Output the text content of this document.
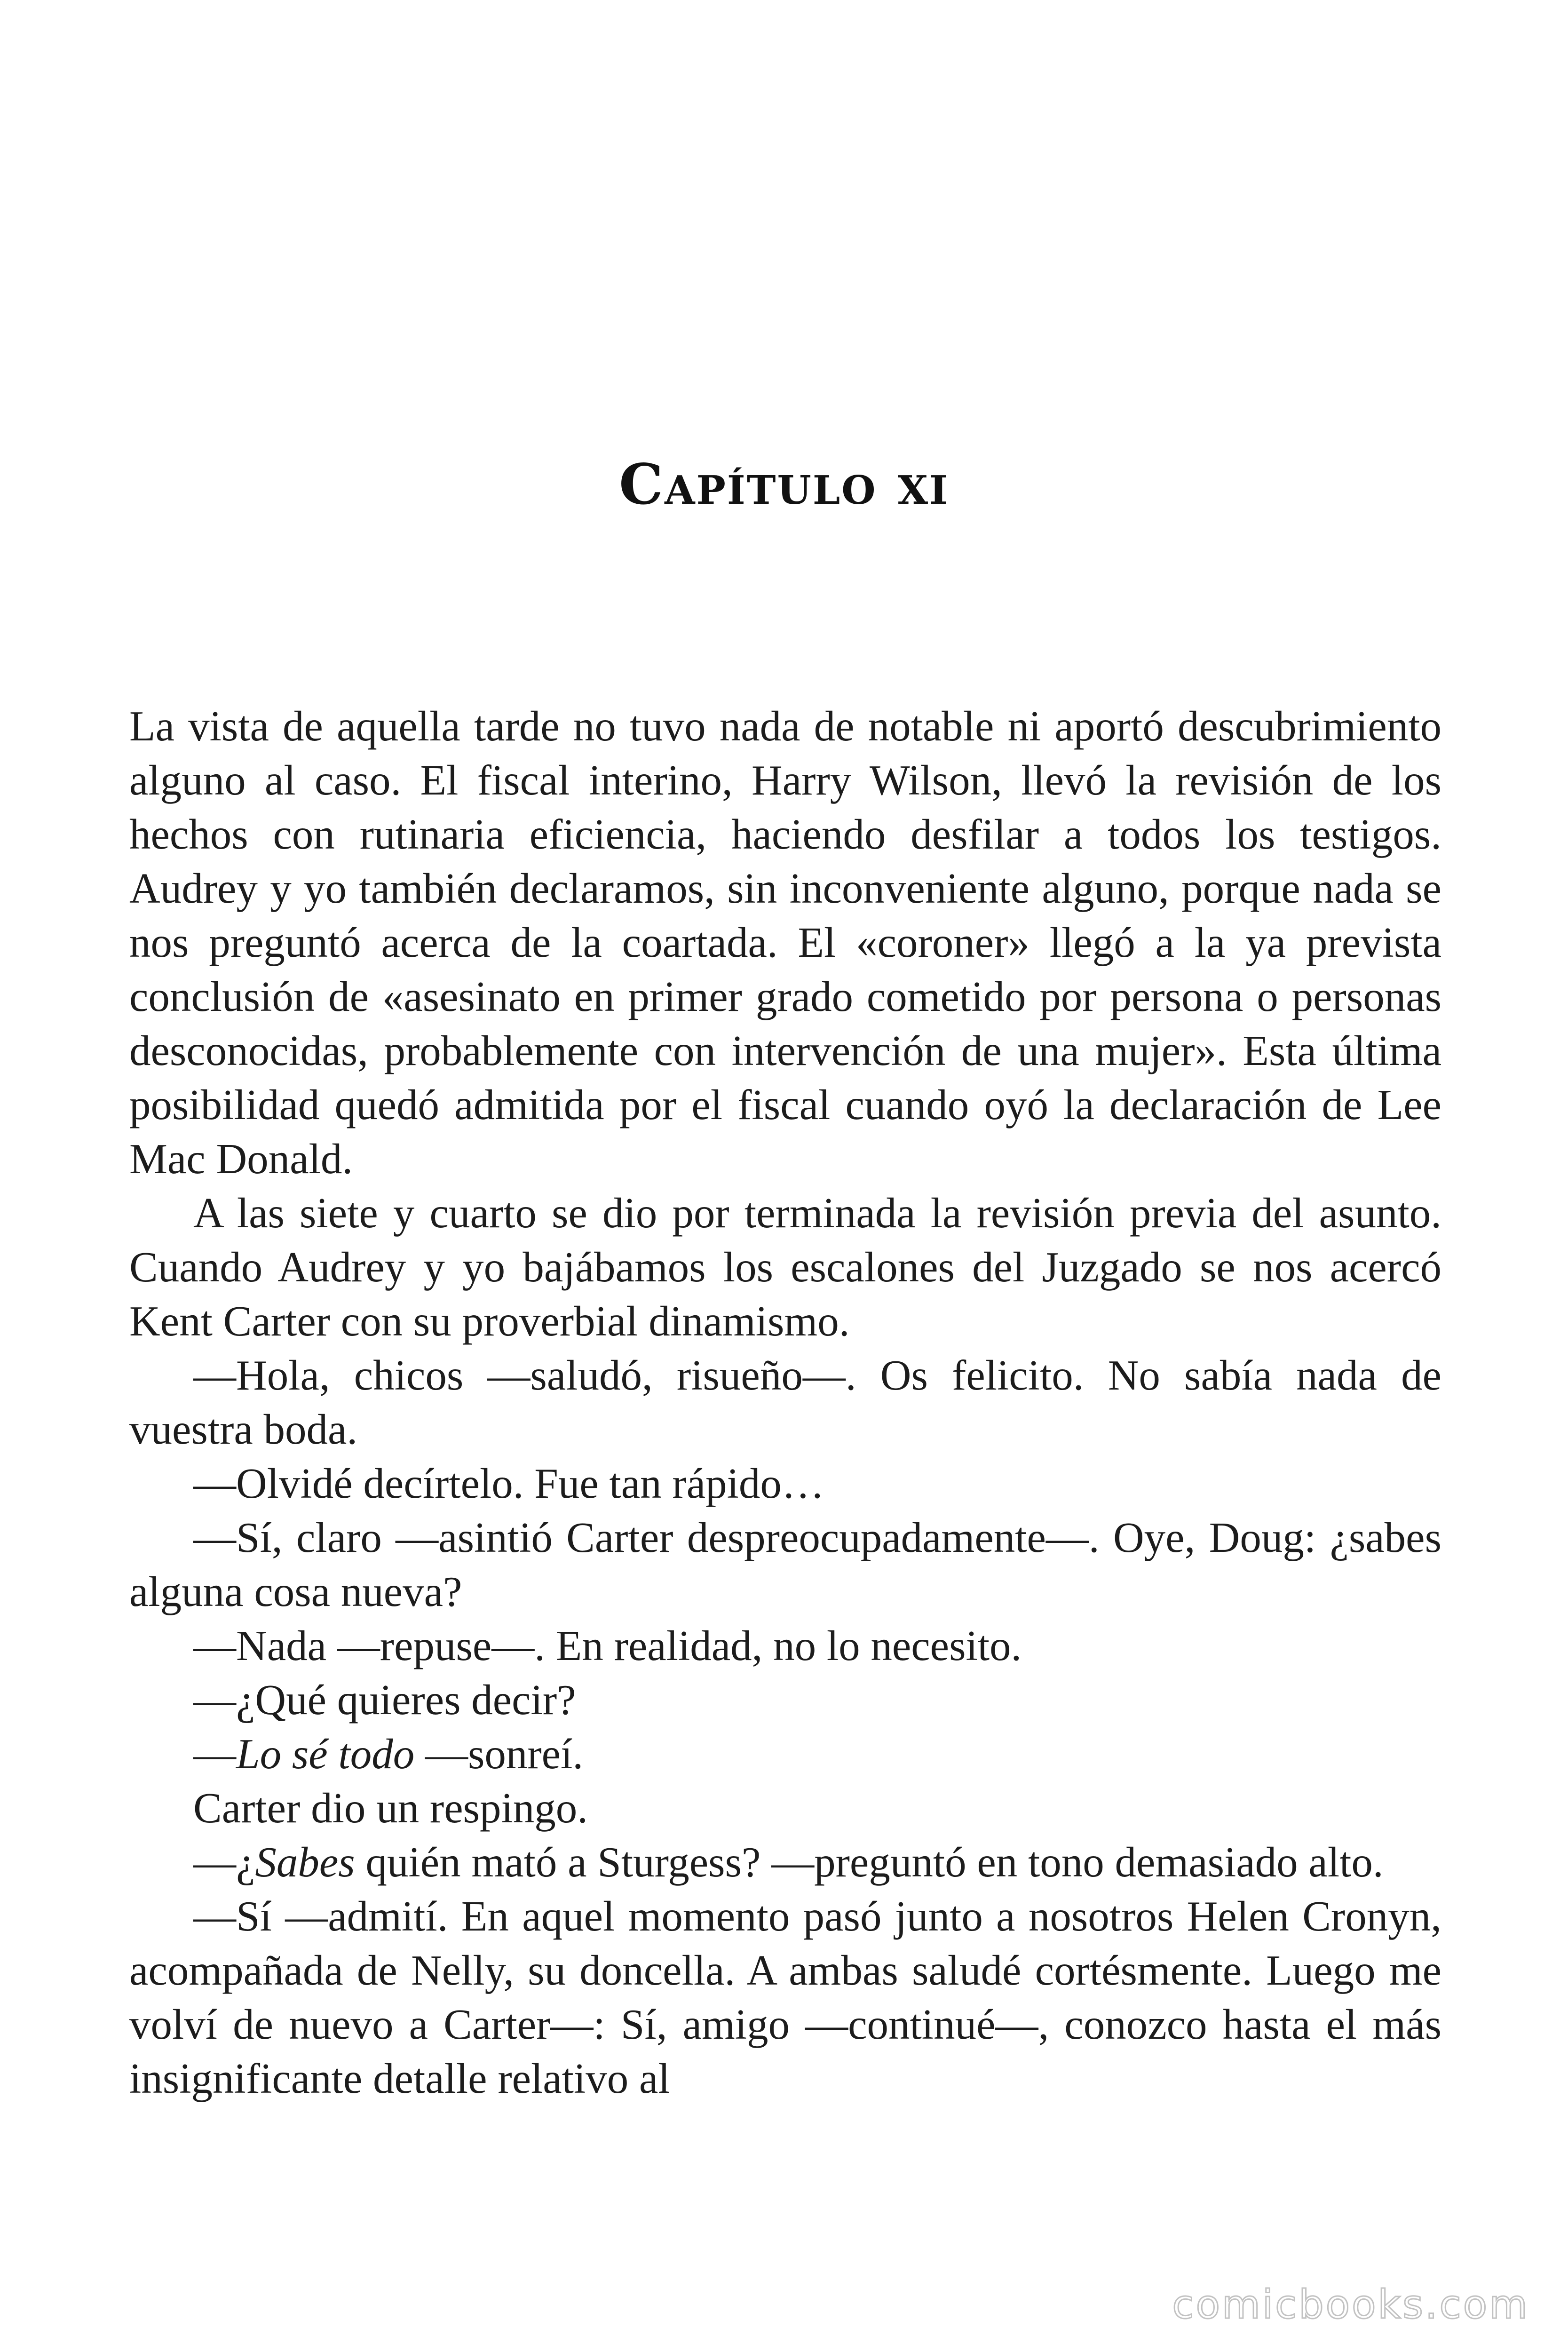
Capítulo xi

La vista de aquella tarde no tuvo nada de notable ni aportó descubrimiento alguno al caso. El fiscal interino, Harry Wilson, llevó la revisión de los hechos con rutinaria eficiencia, haciendo desfilar a todos los testigos. Audrey y yo también declaramos, sin inconveniente alguno, porque nada se nos preguntó acerca de la coartada. El «coroner» llegó a la ya prevista conclusión de «asesinato en primer grado cometido por persona o personas desconocidas, probablemente con intervención de una mujer». Esta última posibilidad quedó admitida por el fiscal cuando oyó la declaración de Lee Mac Donald.

A las siete y cuarto se dio por terminada la revisión previa del asunto. Cuando Audrey y yo bajábamos los escalones del Juzgado se nos acercó Kent Carter con su proverbial dinamismo.

—Hola, chicos —saludó, risueño—. Os felicito. No sabía nada de vuestra boda.

—Olvidé decírtelo. Fue tan rápido…

—Sí, claro —asintió Carter despreocupadamente—. Oye, Doug: ¿sabes alguna cosa nueva?

—Nada —repuse—. En realidad, no lo necesito.

—¿Qué quieres decir?

—Lo sé todo —sonreí.

Carter dio un respingo.

—¿Sabes quién mató a Sturgess? —preguntó en tono demasiado alto.

—Sí —admití. En aquel momento pasó junto a nosotros Helen Cronyn, acompañada de Nelly, su doncella. A ambas saludé cortésmente. Luego me volví de nuevo a Carter—: Sí, amigo —continué—, conozco hasta el más insignificante detalle relativo al

comicbooks.com
